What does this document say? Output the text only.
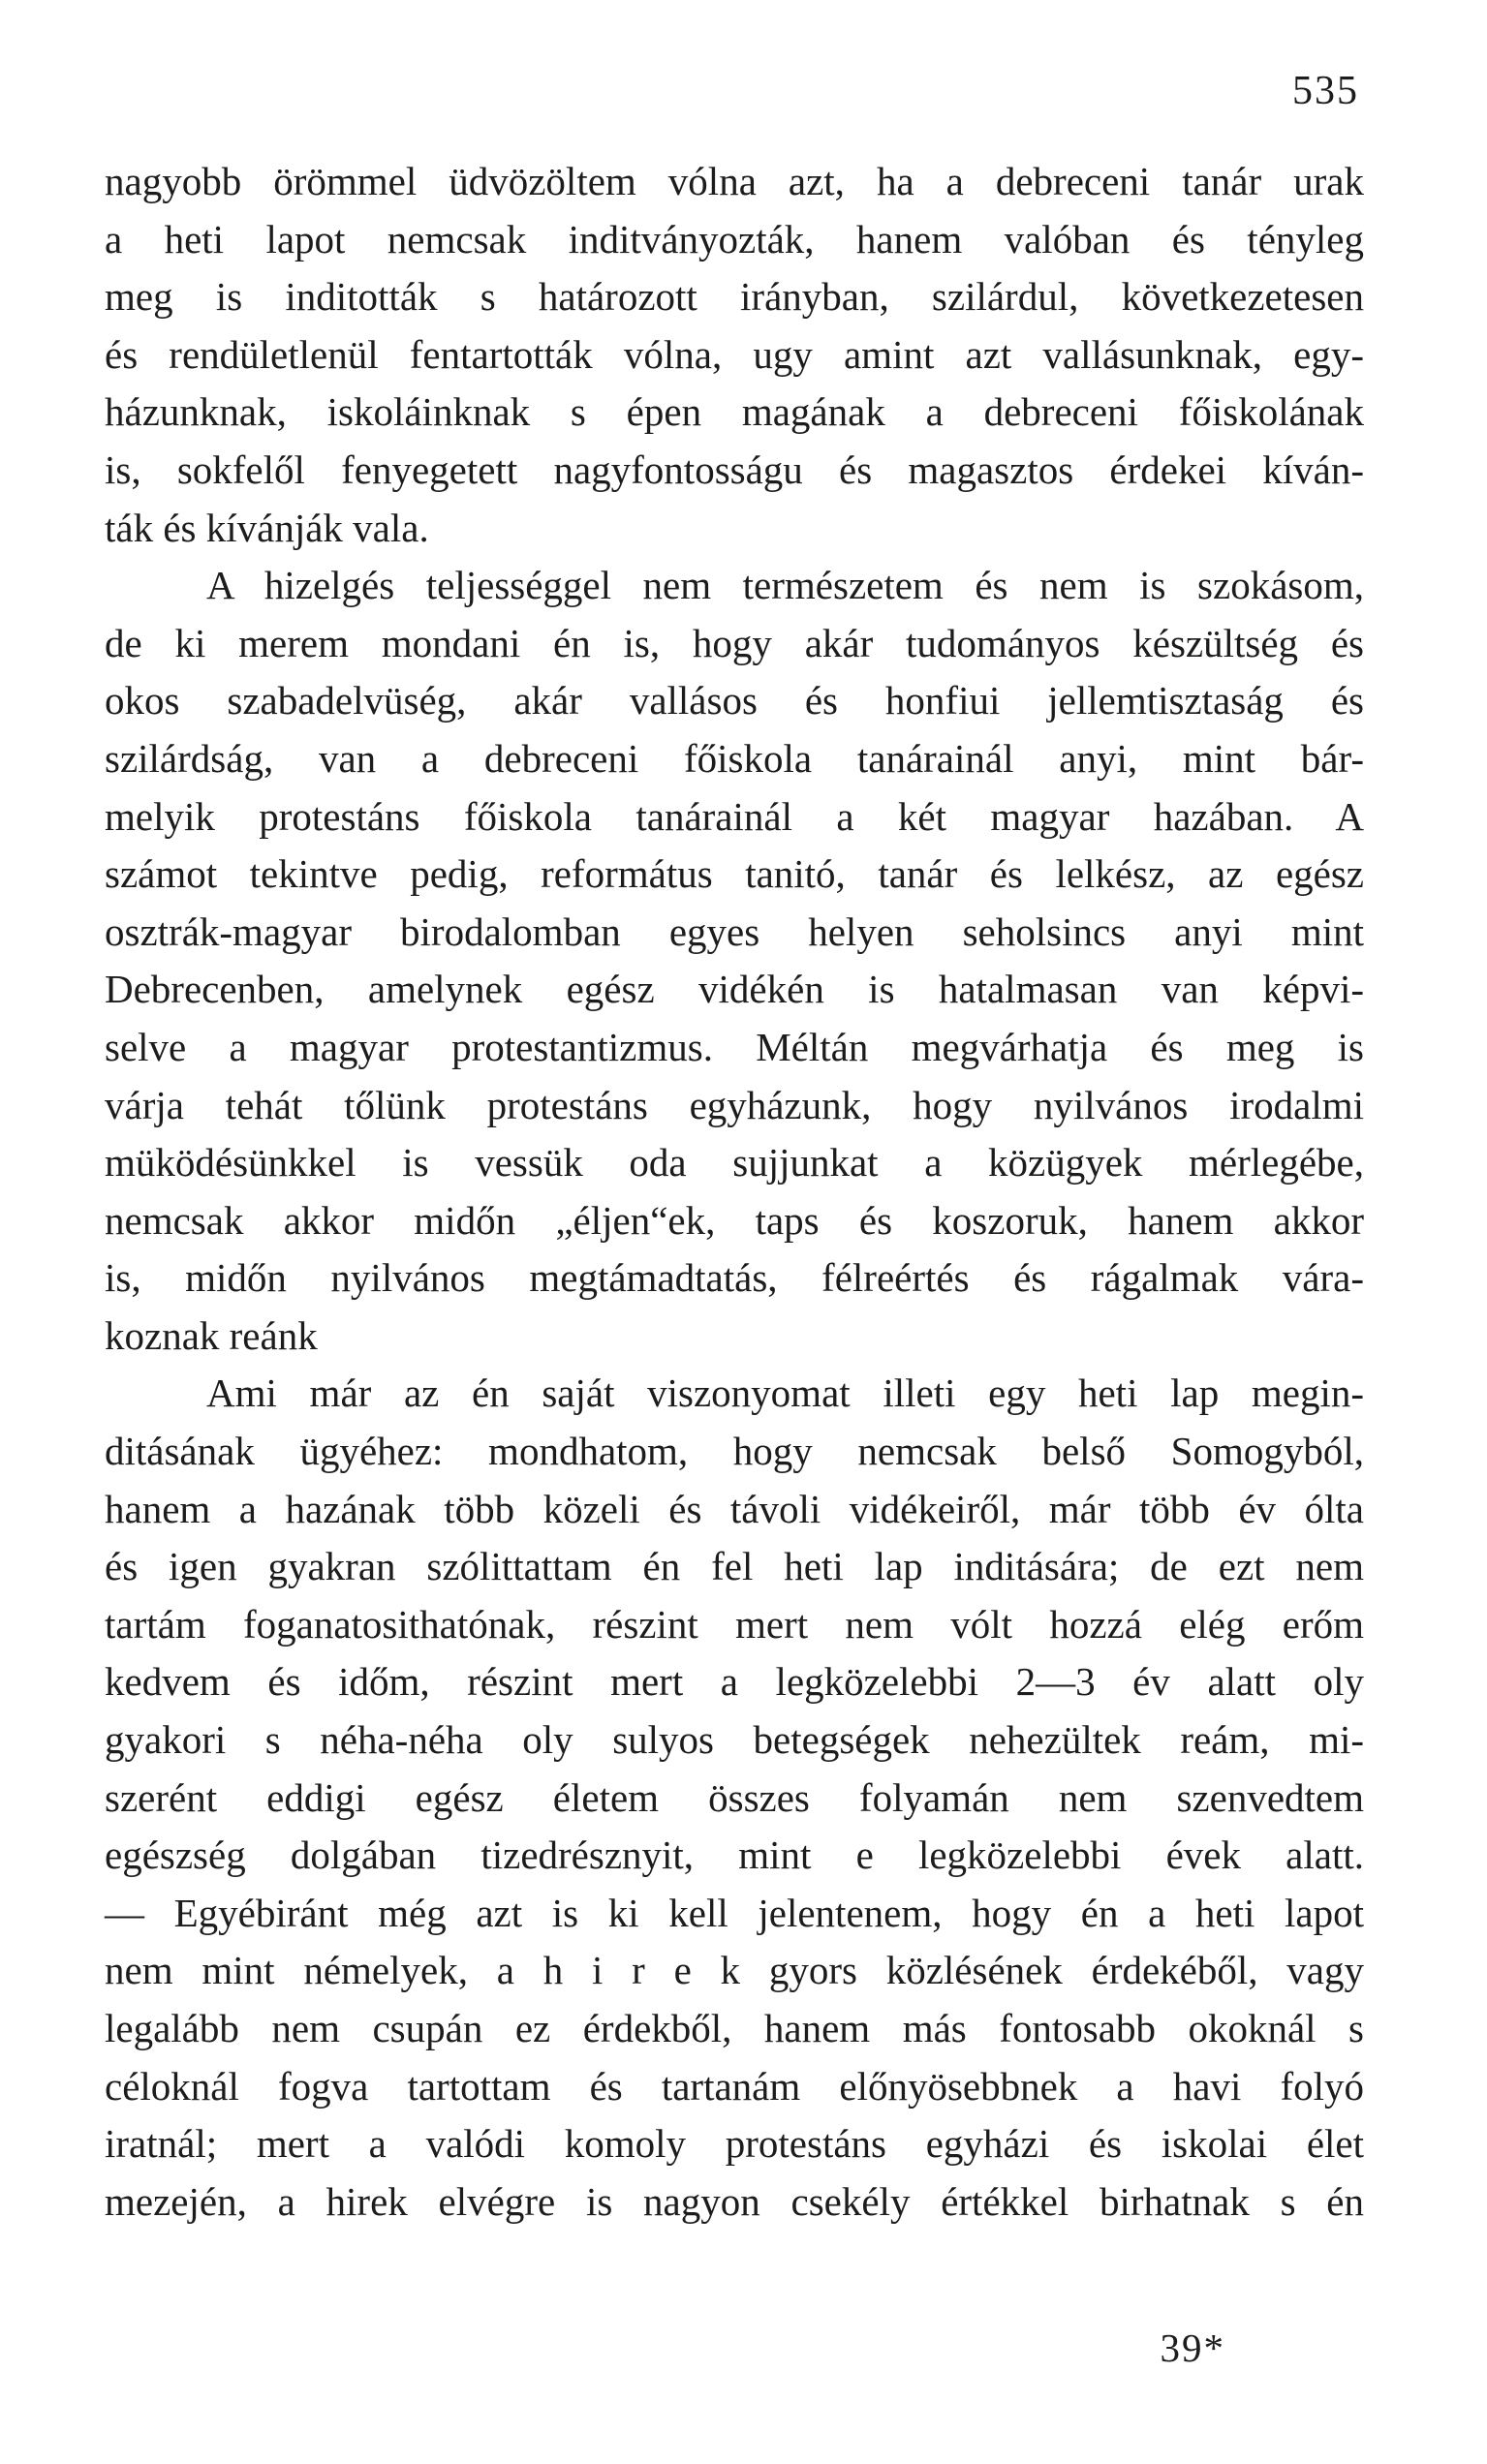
535
nagyobb örömmel üdvözöltem vólna azt, ha a debreceni tanár urak
a heti lapot nemcsak inditványozták, hanem valóban és tényleg
meg is inditották s határozott irányban, szilárdul, következetesen
és rendületlenül fentartották vólna, ugy amint azt vallásunknak, egy-
házunknak, iskoláinknak s épen magának a debreceni főiskolának
is, sokfelől fenyegetett nagyfontosságu és magasztos érdekei kíván-
ták és kívánják vala.
A hizelgés teljességgel nem természetem és nem is szokásom,
de ki merem mondani én is, hogy akár tudományos készültség és
okos szabadelvüség, akár vallásos és honfiui jellemtisztaság és
szilárdság, van a debreceni főiskola tanárainál anyi, mint bár-
melyik protestáns főiskola tanárainál a két magyar hazában. A
számot tekintve pedig, református tanitó, tanár és lelkész, az egész
osztrák-magyar birodalomban egyes helyen seholsincs anyi mint
Debrecenben, amelynek egész vidékén is hatalmasan van képvi-
selve a magyar protestantizmus. Méltán megvárhatja és meg is
várja tehát tőlünk protestáns egyházunk, hogy nyilvános irodalmi
müködésünkkel is vessük oda sujjunkat a közügyek mérlegébe,
nemcsak akkor midőn „éljen“ek, taps és koszoruk, hanem akkor
is, midőn nyilvános megtámadtatás, félreértés és rágalmak vára-
koznak reánk
Ami már az én saját viszonyomat illeti egy heti lap megin-
ditásának ügyéhez: mondhatom, hogy nemcsak belső Somogyból,
hanem a hazának több közeli és távoli vidékeiről, már több év ólta
és igen gyakran szólittattam én fel heti lap inditására; de ezt nem
tartám foganatosithatónak, részint mert nem vólt hozzá elég erőm
kedvem és időm, részint mert a legközelebbi 2—3 év alatt oly
gyakori s néha-néha oly sulyos betegségek nehezültek reám, mi-
szerént eddigi egész életem összes folyamán nem szenvedtem
egészség dolgában tizedrésznyit, mint e legközelebbi évek alatt.
— Egyébiránt még azt is ki kell jelentenem, hogy én a heti lapot
nem mint némelyek, a h i r e k gyors közlésének érdekéből, vagy
legalább nem csupán ez érdekből, hanem más fontosabb okoknál s
céloknál fogva tartottam és tartanám előnyösebbnek a havi folyó
iratnál; mert a valódi komoly protestáns egyházi és iskolai élet
mezején, a hirek elvégre is nagyon csekély értékkel birhatnak s én
39*
